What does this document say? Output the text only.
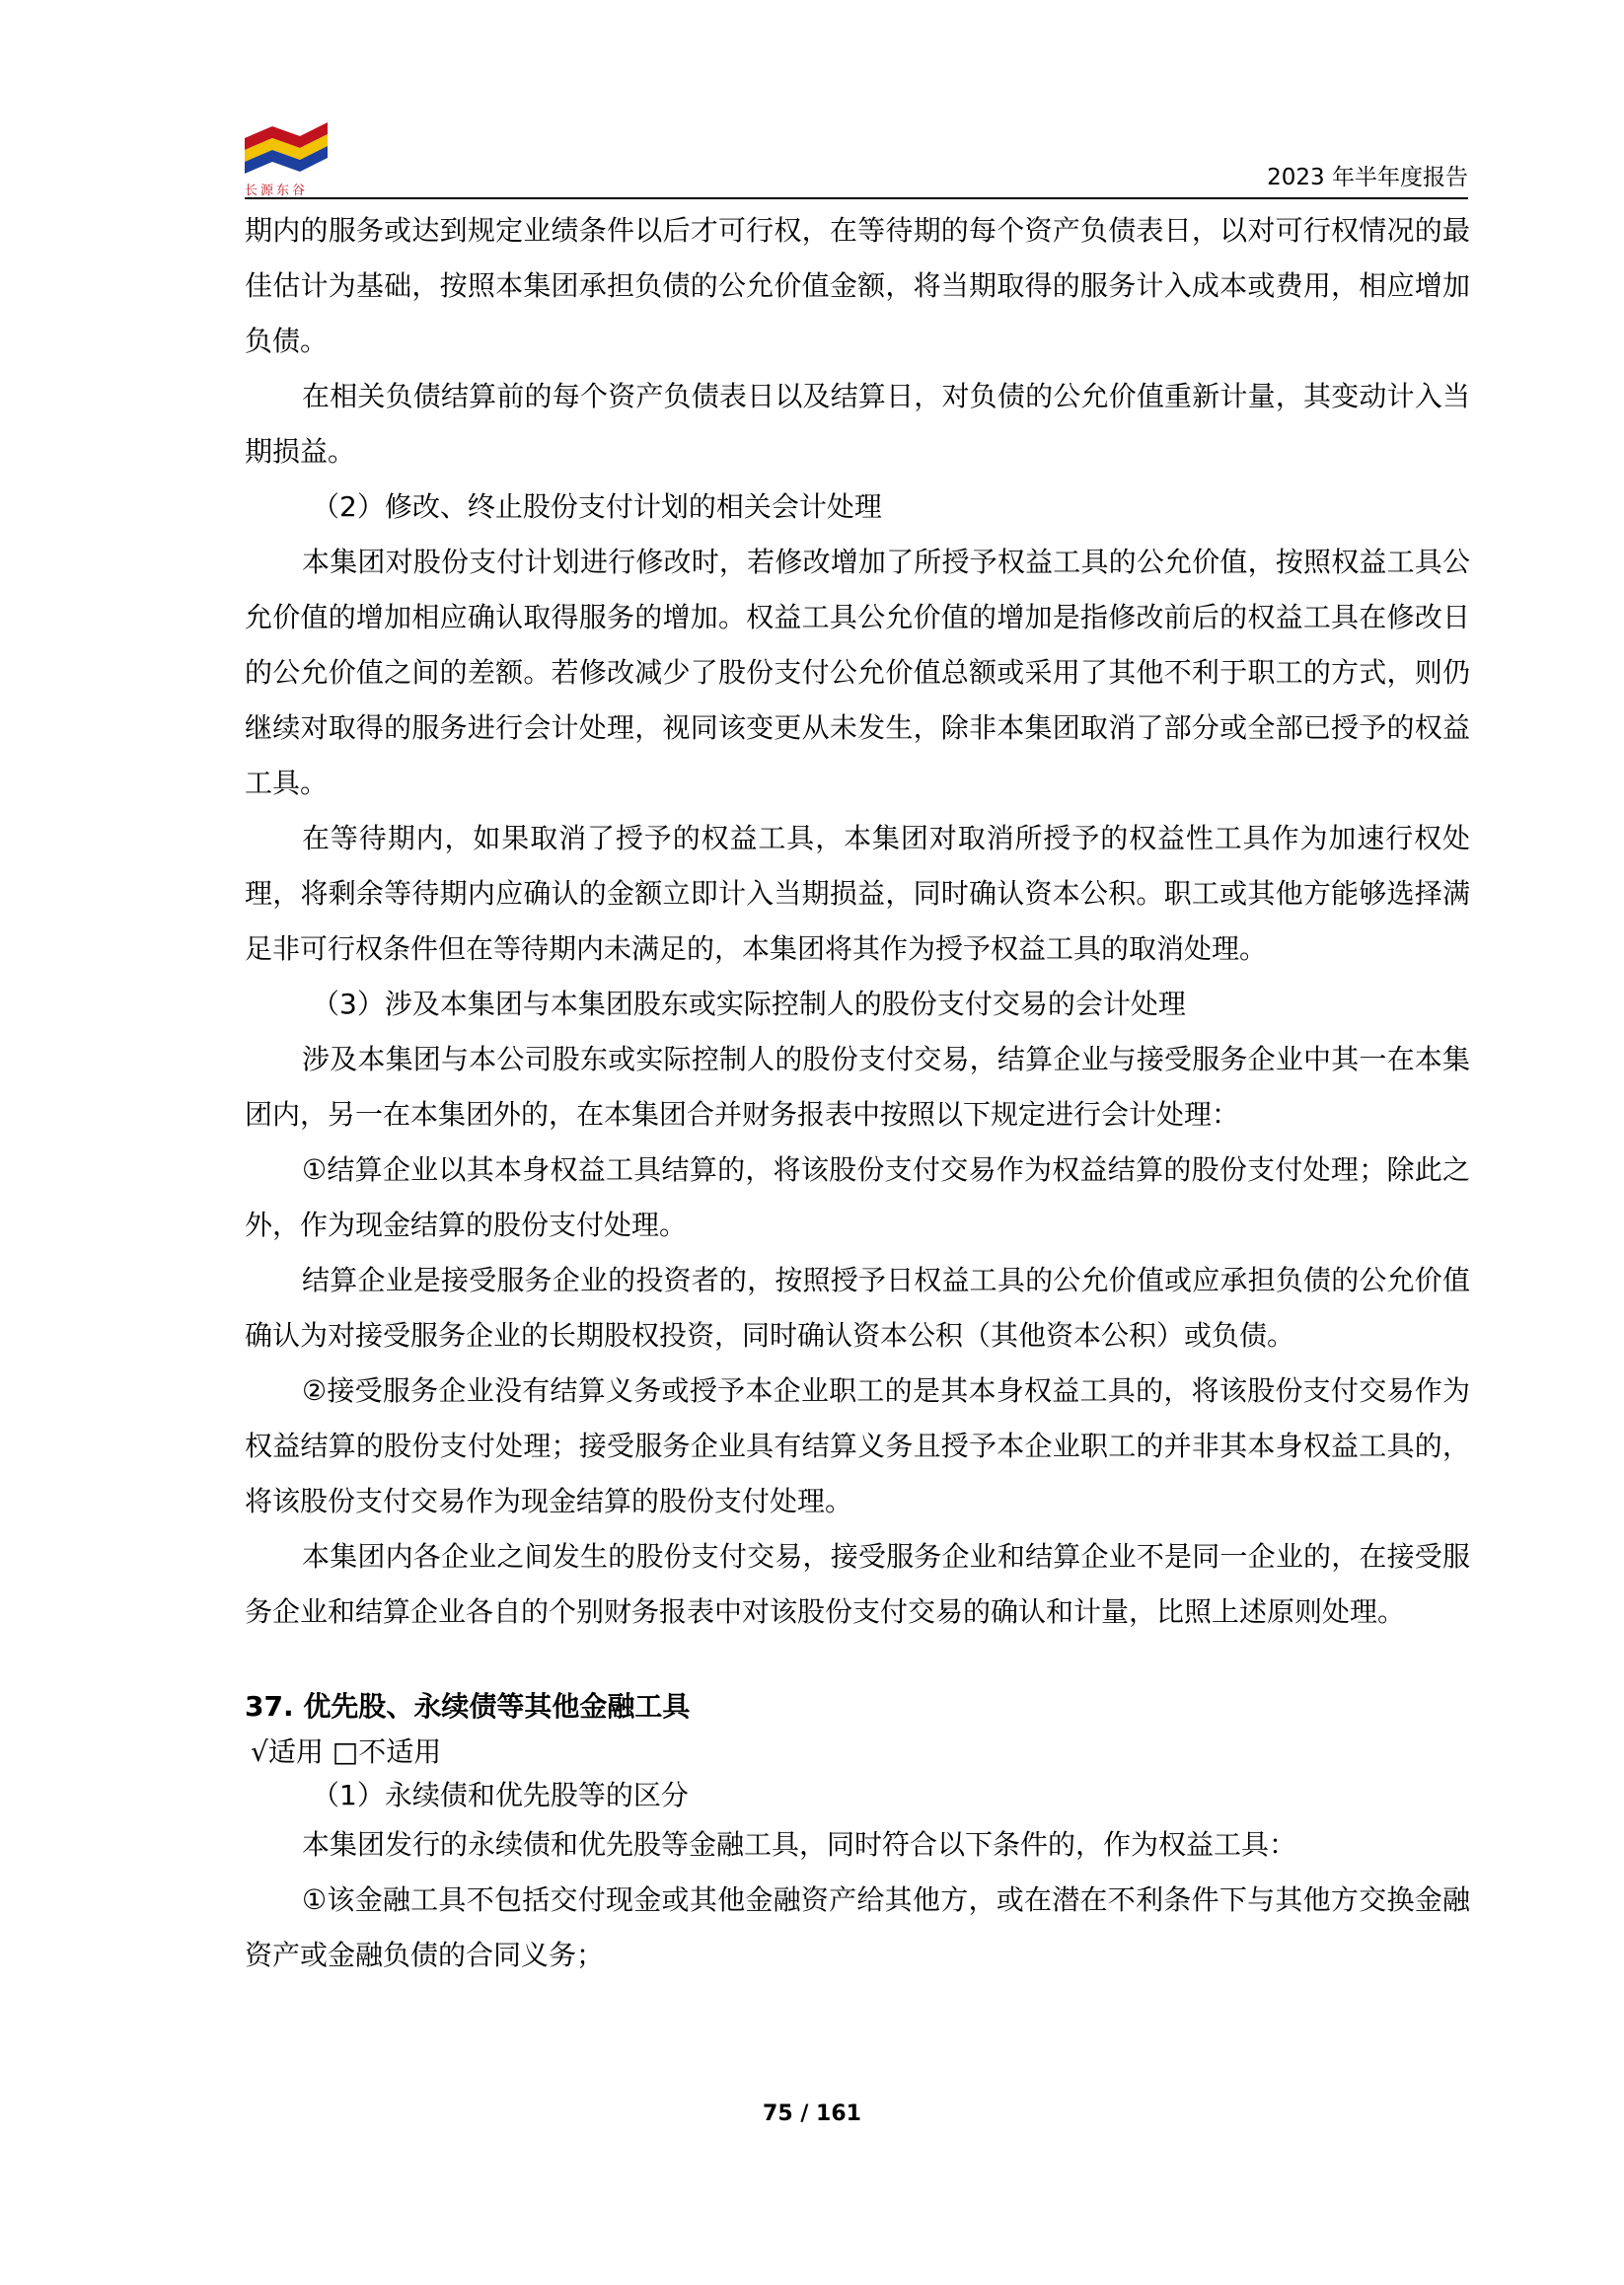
长源东谷
2023 年半年度报告

期内的服务或达到规定业绩条件以后才可行权，在等待期的每个资产负债表日，以对可行权情况的最佳估计为基础，按照本集团承担负债的公允价值金额，将当期取得的服务计入成本或费用，相应增加负债。

在相关负债结算前的每个资产负债表日以及结算日，对负债的公允价值重新计量，其变动计入当期损益。

（2）修改、终止股份支付计划的相关会计处理

本集团对股份支付计划进行修改时，若修改增加了所授予权益工具的公允价值，按照权益工具公允价值的增加相应确认取得服务的增加。权益工具公允价值的增加是指修改前后的权益工具在修改日的公允价值之间的差额。若修改减少了股份支付公允价值总额或采用了其他不利于职工的方式，则仍继续对取得的服务进行会计处理，视同该变更从未发生，除非本集团取消了部分或全部已授予的权益工具。

在等待期内，如果取消了授予的权益工具，本集团对取消所授予的权益性工具作为加速行权处理，将剩余等待期内应确认的金额立即计入当期损益，同时确认资本公积。职工或其他方能够选择满足非可行权条件但在等待期内未满足的，本集团将其作为授予权益工具的取消处理。

（3）涉及本集团与本集团股东或实际控制人的股份支付交易的会计处理

涉及本集团与本公司股东或实际控制人的股份支付交易，结算企业与接受服务企业中其一在本集团内，另一在本集团外的，在本集团合并财务报表中按照以下规定进行会计处理：

①结算企业以其本身权益工具结算的，将该股份支付交易作为权益结算的股份支付处理；除此之外，作为现金结算的股份支付处理。

结算企业是接受服务企业的投资者的，按照授予日权益工具的公允价值或应承担负债的公允价值确认为对接受服务企业的长期股权投资，同时确认资本公积（其他资本公积）或负债。

②接受服务企业没有结算义务或授予本企业职工的是其本身权益工具的，将该股份支付交易作为权益结算的股份支付处理；接受服务企业具有结算义务且授予本企业职工的并非其本身权益工具的，将该股份支付交易作为现金结算的股份支付处理。

本集团内各企业之间发生的股份支付交易，接受服务企业和结算企业不是同一企业的，在接受服务企业和结算企业各自的个别财务报表中对该股份支付交易的确认和计量，比照上述原则处理。

37. 优先股、永续债等其他金融工具

√适用 □不适用

（1）永续债和优先股等的区分

本集团发行的永续债和优先股等金融工具，同时符合以下条件的，作为权益工具：

①该金融工具不包括交付现金或其他金融资产给其他方，或在潜在不利条件下与其他方交换金融资产或金融负债的合同义务；

75 / 161
